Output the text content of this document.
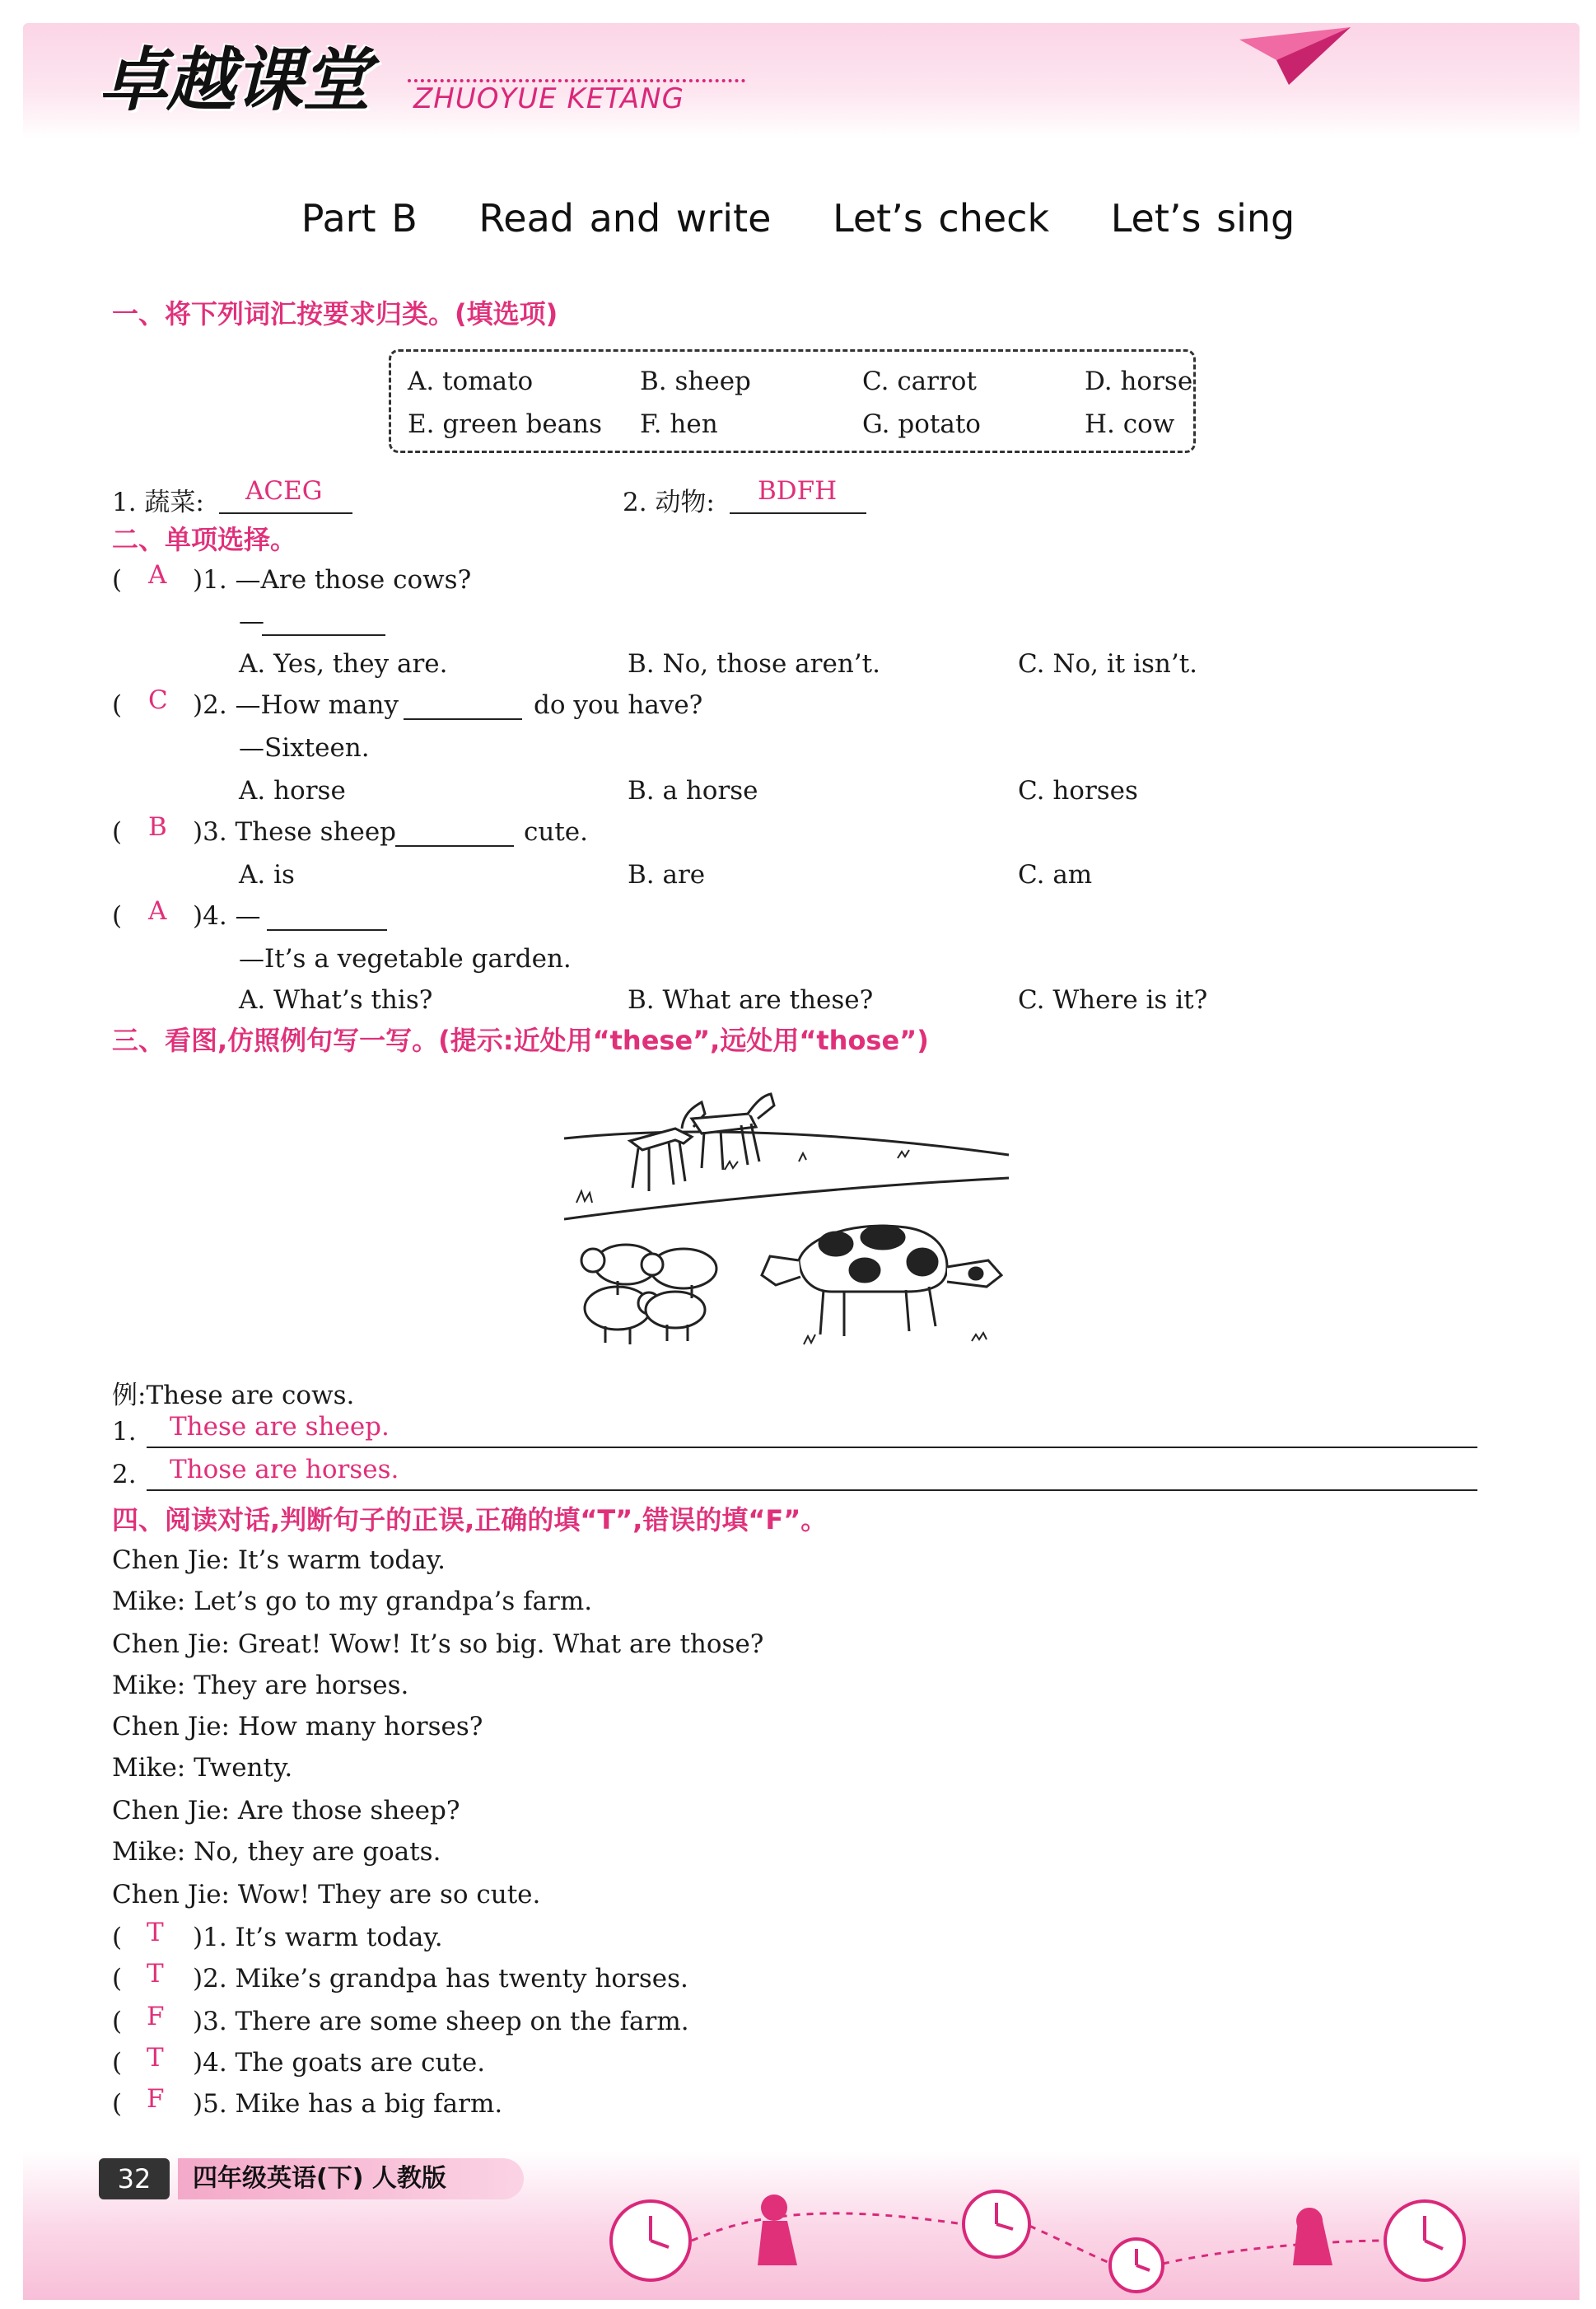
卓越课堂 ZHUOYUE KETANG
Part B Read and write Let’s check Let’s sing
一、将下列词汇按要求归类。(填选项)
A. tomato	B. sheep	C. carrot	D. horse
E. green beans F. hen	G. potato	H. cow
1. 蔬菜: ACEG	2. 动物: BDFH
二、单项选择。
( A )1. —Are those cows?
—
A. Yes, they are.	B. No, those aren’t.	C. No, it isn’t.
( C )2. —How many	do you have?
—Sixteen.
A. horse	B. a horse	C. horses
( B )3. These sheep	cute.
A. is	B. are	C. am
( A )4. —
—It’s a vegetable garden.
A. What’s this?	B. What are these?	C. Where is it?
三、看图,仿照例句写一写。(提示:近处用“these”,远处用“those”)
例:These are cows.
1. These are sheep.
2. Those are horses.
四、阅读对话,判断句子的正误,正确的填“T”,错误的填“F”。
Chen Jie: It’s warm today.
Mike: Let’s go to my grandpa’s farm.
Chen Jie: Great! Wow! It’s so big. What are those?
Mike: They are horses.
Chen Jie: How many horses?
Mike: Twenty.
Chen Jie: Are those sheep?
Mike: No, they are goats.
Chen Jie: Wow! They are so cute.
( T )1. It’s warm today.
( T )2. Mike’s grandpa has twenty horses.
( F )3. There are some sheep on the farm.
( T )4. The goats are cute.
( F )5. Mike has a big farm.
32	四年级英语(下) 人教版
